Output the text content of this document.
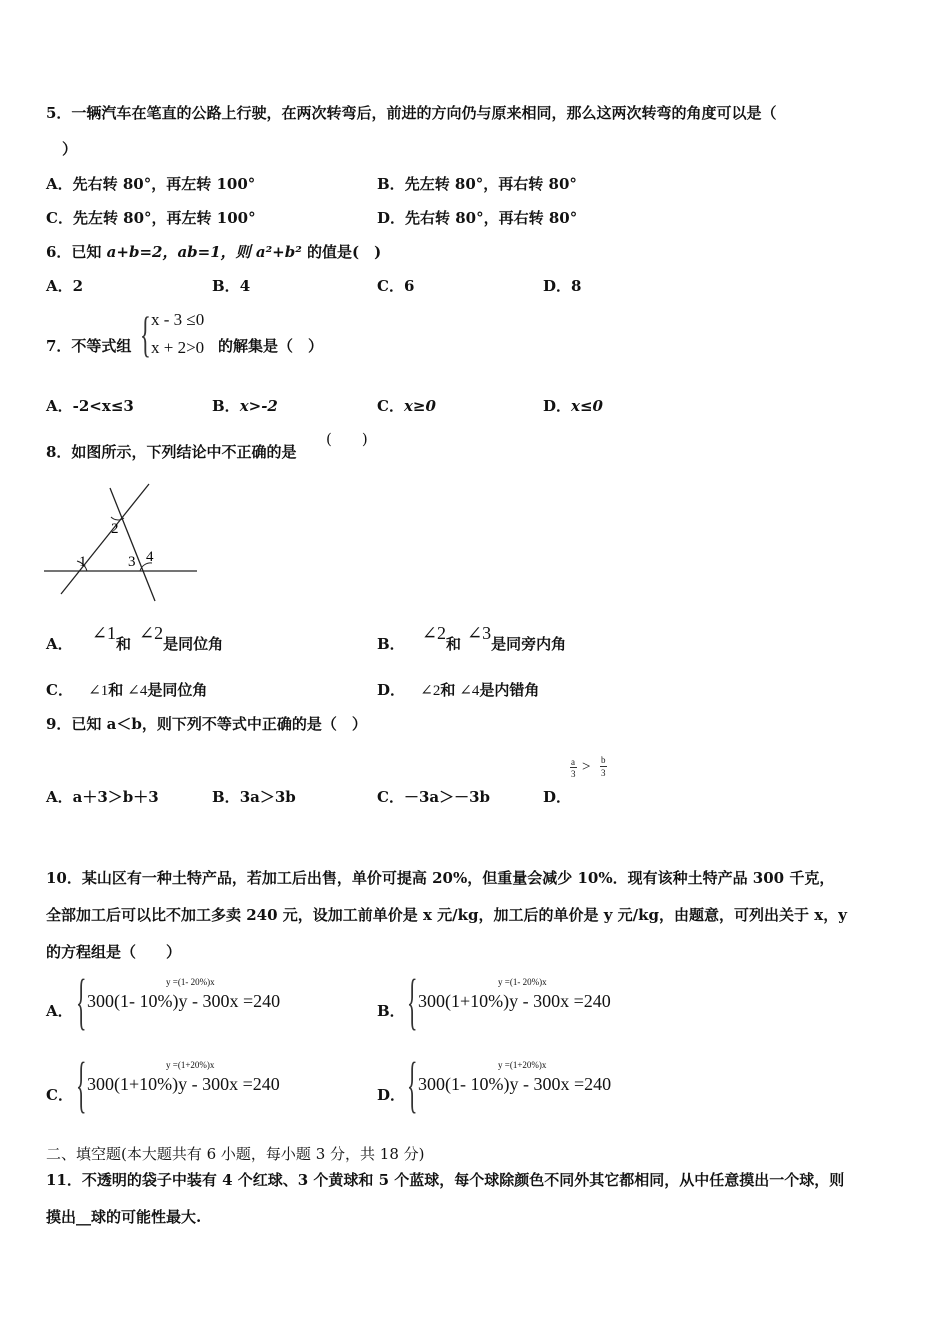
5．一辆汽车在笔直的公路上行驶，在两次转弯后，前进的方向仍与原来相同，那么这两次转弯的角度可以是（
）
A．先右转 80°，再左转 100°	B．先左转 80°，再右转 80°
C．先左转 80°，再左转 100°	D．先右转 80°，再右转 80°
6．已知 a+b=2，ab=1，则 a²+b² 的值是(　)
A．2	B．4	C．6	D．8
7．不等式组 { x - 3 ≤0
x + 2>0 的解集是（　）
A．-2<x≤3	B．x>-2	C．x≥0	D．x≤0
8．如图所示，下列结论中不正确的是
(　　)
1
2
3 4
A． ∠1和∠2是同位角	B． ∠2和∠3是同旁内角
C． ∠1和 ∠4是同位角	D． ∠2和 ∠4是内错角
9．已知 a＜b，则下列不等式中正确的是（　）
A．a＋3＞b＋3	B．3a＞3b	C．－3a＞－3b	D．
a
3 > b
3
10．某山区有一种土特产品，若加工后出售，单价可提高 20%，但重量会减少 10%．现有该种土特产品 300 千克，
全部加工后可以比不加工多卖 240 元，设加工前单价是 x 元/kg，加工后的单价是 y 元/kg，由题意，可列出关于 x，y
的方程组是（　　）
A． {	y =(1- 20%)x
300(1- 10%)y - 300x =240	B． {	y =(1- 20%)x
300(1+10%)y - 300x =240
C． {	y =(1+20%)x
300(1+10%)y - 300x =240
D． {	y =(1+20%)x
300(1- 10%)y - 300x =240
二、填空题(本大题共有 6 小题，每小题 3 分，共 18 分)
11．不透明的袋子中装有 4 个红球、3 个黄球和 5 个蓝球，每个球除颜色不同外其它都相同，从中任意摸出一个球，则
摸出__球的可能性最大.
